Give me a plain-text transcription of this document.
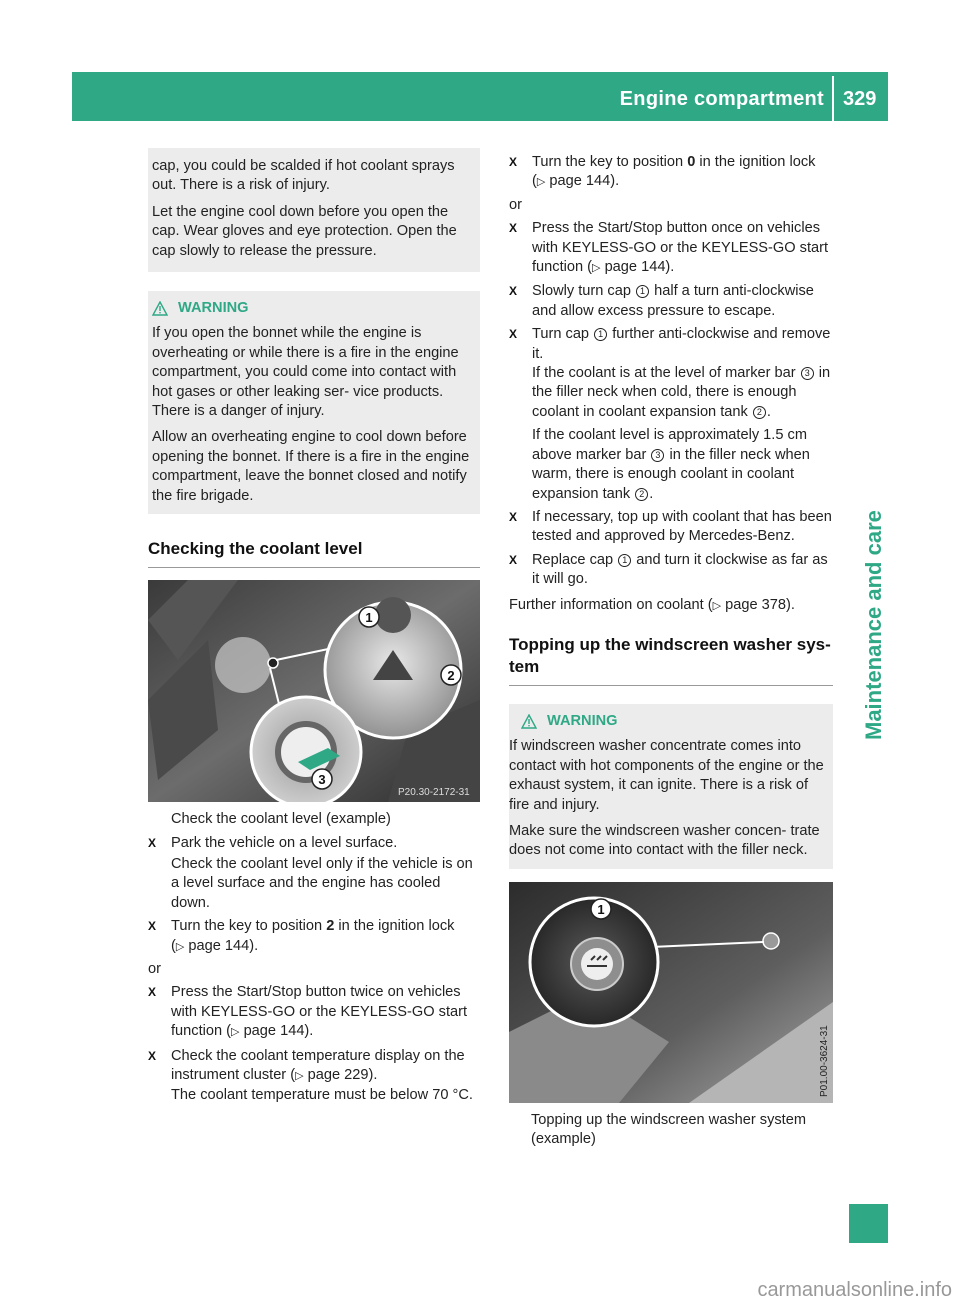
Engine compartment 329
Maintenance and care

cap, you could be scalded if hot coolant sprays out. There is a risk of injury.

Let the engine cool down before you open the cap. Wear gloves and eye protection. Open the cap slowly to release the pressure.

WARNING

If you open the bonnet while the engine is overheating or while there is a fire in the engine compartment, you could come into contact with hot gases or other leaking ser- vice products. There is a danger of injury.

Allow an overheating engine to cool down before opening the bonnet. If there is a fire in the engine compartment, leave the bonnet closed and notify the fire brigade.

Checking the coolant level
1
2
3
P20.30-2172-31

Check the coolant level (example)

X	Park the vehicle on a level surface.

Check the coolant level only if the vehicle is on a level surface and the engine has cooled down.

X	Turn the key to position 2 in the ignition lock
(▷ page 144).

or

X	Press the Start/Stop button twice on vehicles with KEYLESS-GO or the KEYLESS-GO start function (▷ page 144).
X	Check the coolant temperature display on the instrument cluster (▷ page 229).
The coolant temperature must be below 70 °C.
X	Turn the key to position 0 in the ignition lock
(▷ page 144).

or

X	Press the Start/Stop button once on vehicles with KEYLESS-GO or the KEYLESS-GO start function (▷ page 144).
X	Slowly turn cap 1 half a turn anti-clockwise and allow excess pressure to escape.
X	Turn cap 1 further anti-clockwise and remove it.
If the coolant is at the level of marker bar 3 in the filler neck when cold, there is enough coolant in coolant expansion tank 2 .

If the coolant level is approximately 1.5 cm above marker bar 3 in the filler neck when warm, there is enough coolant in coolant expansion tank 2 .

X	If necessary, top up with coolant that has been tested and approved by Mercedes-Benz.
X	Replace cap 1 and turn it clockwise as far as it will go.

Further information on coolant (▷ page 378).

Topping up the windscreen washer sys- tem
WARNING

If windscreen washer concentrate comes into contact with hot components of the engine or the exhaust system, it can ignite. There is a risk of fire and injury.

Make sure the windscreen washer concen- trate does not come into contact with the filler neck.

1
P01.00-3624-31

Topping up the windscreen washer system (example)

carmanualsonline.info
